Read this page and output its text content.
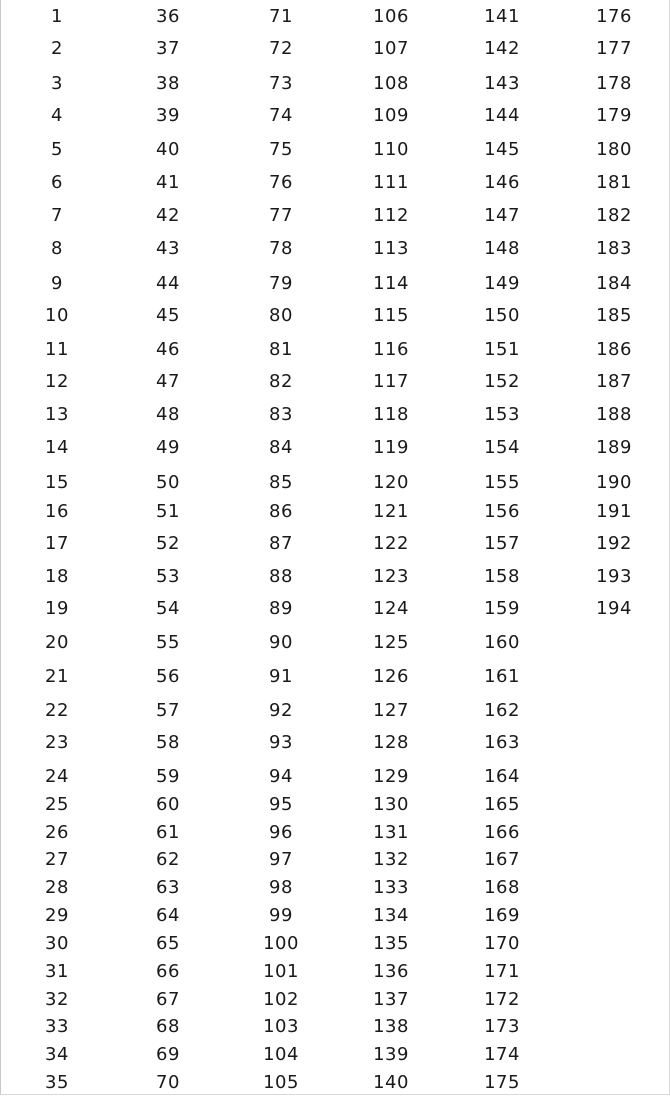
1
2
3
4
5
6
7
8
9
10
11
12
13
14
15
16
17
18
19
20
21
22
23
24
25
26
27
28
29
30
31
32
33
34
35
36
37
38
39
40
41
42
43
44
45
46
47
48
49
50
51
52
53
54
55
56
57
58
59
60
61
62
63
64
65
66
67
68
69
70
71
72
73
74
75
76
77
78
79
80
81
82
83
84
85
86
87
88
89
90
91
92
93
94
95
96
97
98
99
100
101
102
103
104
105
106
107
108
109
110
111
112
113
114
115
116
117
118
119
120
121
122
123
124
125
126
127
128
129
130
131
132
133
134
135
136
137
138
139
140
141
142
143
144
145
146
147
148
149
150
151
152
153
154
155
156
157
158
159
160
161
162
163
164
165
166
167
168
169
170
171
172
173
174
175
176
177
178
179
180
181
182
183
184
185
186
187
188
189
190
191
192
193
194
